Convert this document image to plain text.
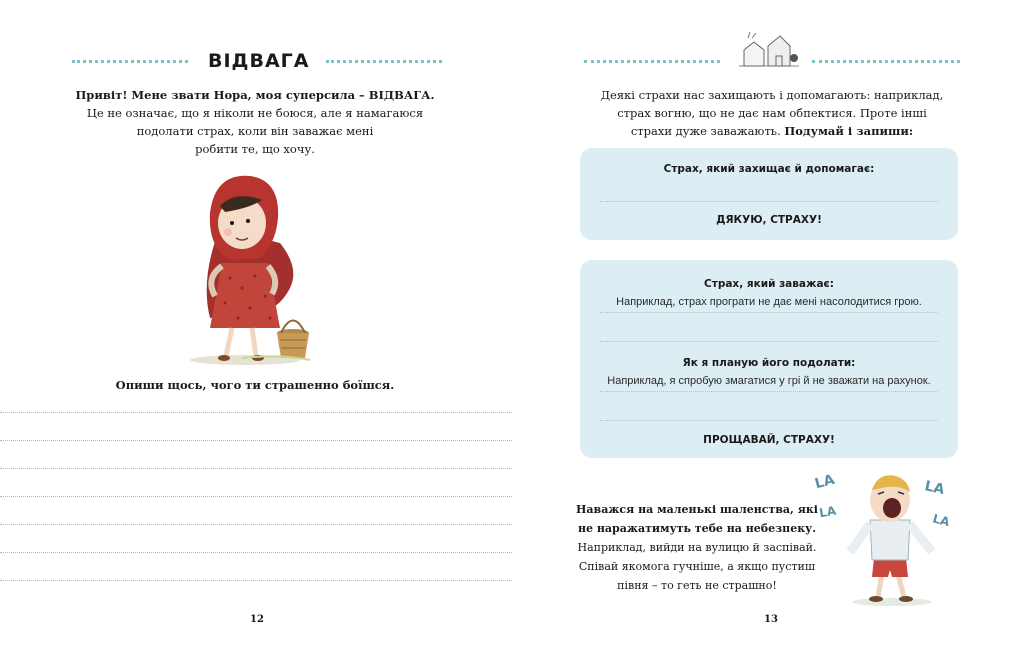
ВІДВАГА
Привіт! Мене звати Нора, моя суперсила – ВІДВАГА.
Це не означає, що я ніколи не боюся, але я намагаюся
подолати страх, коли він заважає мені
робити те, що хочу.
Опиши щось, чого ти страшенно боїшся.
12
Деякі страхи нас захищають і допомагають: наприклад,
страх вогню, що не дає нам обпектися. Проте інші
страхи дуже заважають. Подумай і запиши:
Страх, який захищає й допомагає:
ДЯКУЮ, СТРАХУ!
Страх, який заважає:
Наприклад, страх програти не дає мені насолодитися грою.
Як я планую його подолати:
Наприклад, я спробую змагатися у грі й не зважати на рахунок.
ПРОЩАВАЙ, СТРАХУ!
Наважся на маленькі шаленства, які
не наражатимуть тебе на небезпеку.
Наприклад, вийди на вулицю й заспівай.
Співай якомога гучніше, а якщо пустиш
півня – то геть не страшно!
LA
LA
LA
LA
13
